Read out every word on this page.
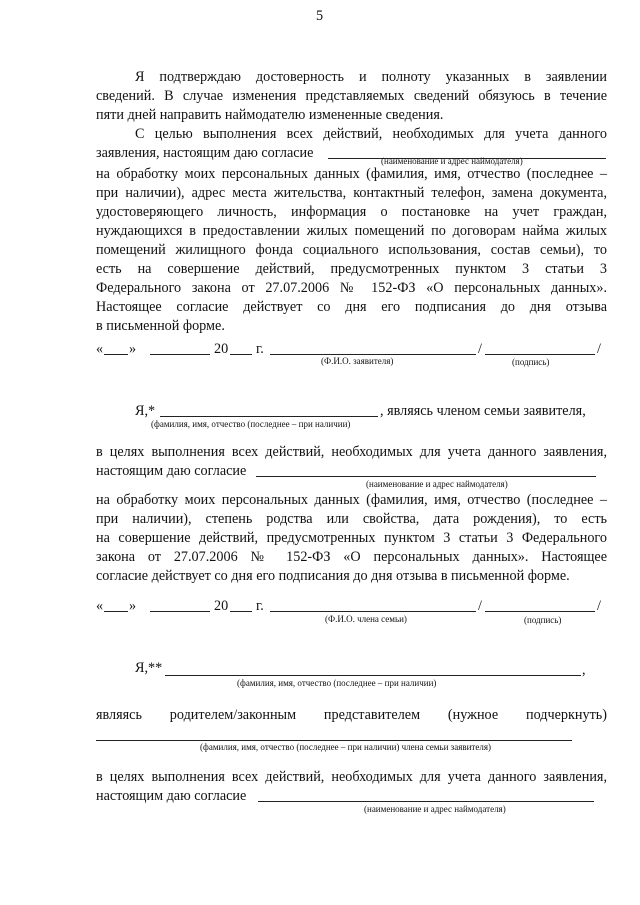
5
Я подтверждаю достоверность и полноту указанных в заявлении
сведений. В случае изменения представляемых сведений обязуюсь в течение
пяти дней направить наймодателю измененные сведения.
С целью выполнения всех действий, необходимых для учета данного
заявления, настоящим даю согласие	(наименование и адрес наймодателя)
на обработку моих персональных данных (фамилия, имя, отчество (последнее –
при наличии), адрес места жительства, контактный телефон, замена документа,
удостоверяющего личность, информация о постановке на учет граждан,
нуждающихся в предоставлении жилых помещений по договорам найма жилых
помещений жилищного фонда социального использования, состав семьи), то
есть на совершение действий, предусмотренных пунктом 3 статьи 3
Федерального закона от 27.07.2006 № 152-ФЗ «О персональных данных».
Настоящее согласие действует со дня его подписания до дня отзыва
в письменной форме.
« »	20 г.	/	/
(Ф.И.О. заявителя)	(подпись)
Я,*	, являясь членом семьи заявителя,
(фамилия, имя, отчество (последнее – при наличии)
в целях выполнения всех действий, необходимых для учета данного заявления,
настоящим даю согласие
(наименование и адрес наймодателя)
на обработку моих персональных данных (фамилия, имя, отчество (последнее –
при наличии), степень родства или свойства, дата рождения), то есть
на совершение действий, предусмотренных пунктом 3 статьи 3 Федерального
закона от 27.07.2006 № 152-ФЗ «О персональных данных». Настоящее
согласие действует со дня его подписания до дня отзыва в письменной форме.
« »	20 г.	/	/
(Ф.И.О. члена семьи)	(подпись)
Я,**	,
(фамилия, имя, отчество (последнее – при наличии)
являясь родителем/законным представителем (нужное подчеркнуть)
(фамилия, имя, отчество (последнее – при наличии) члена семьи заявителя)
в целях выполнения всех действий, необходимых для учета данного заявления,
настоящим даю согласие
(наименование и адрес наймодателя)
